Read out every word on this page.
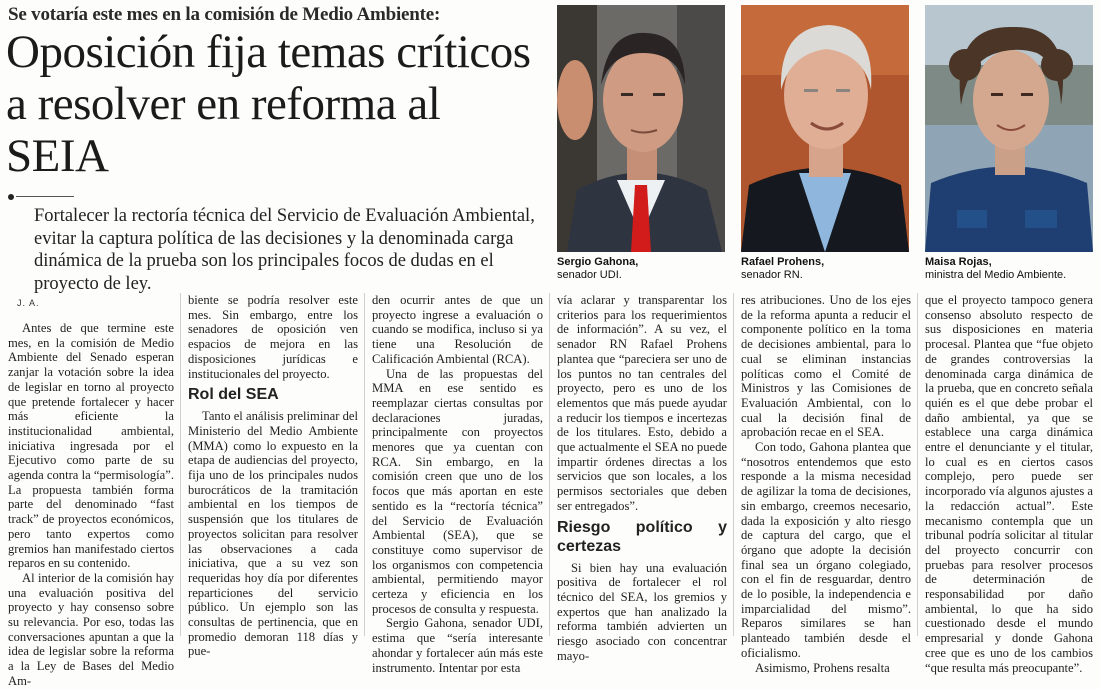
Se votaría este mes en la comisión de Medio Ambiente:
Oposición fija temas críticos a resolver en reforma al SEIA
Fortalecer la rectoría técnica del Servicio de Evaluación Ambiental, evitar la captura política de las decisiones y la denominada carga dinámica de la prueba son los principales focos de dudas en el proyecto de ley.
J. A.
Sergio Gahona,
senador UDI.
Rafael Prohens,
senador RN.
Maisa Rojas,
ministra del Medio Ambiente.

Antes de que termine este mes, en la comisión de Medio Ambiente del Senado esperan zanjar la votación sobre la idea de legislar en torno al proyecto que pretende fortalecer y hacer más eficiente la institucionalidad ambiental, iniciativa ingresada por el Ejecutivo como parte de su agenda contra la “permisología”. La propuesta también forma parte del denominado “fast track” de proyectos económicos, pero tanto expertos como gremios han manifestado ciertos reparos en su contenido.

Al interior de la comisión hay una evaluación positiva del proyecto y hay consenso sobre su relevancia. Por eso, todas las conversaciones apuntan a que la idea de legislar sobre la reforma a la Ley de Bases del Medio Am-

biente se podría resolver este mes. Sin embargo, entre los senadores de oposición ven espacios de mejora en las disposiciones jurídicas e institucionales del proyecto.

Rol del SEA

Tanto el análisis preliminar del Ministerio del Medio Ambiente (MMA) como lo expuesto en la etapa de audiencias del proyecto, fija uno de los principales nudos burocráticos de la tramitación ambiental en los tiempos de suspensión que los titulares de proyectos solicitan para resolver las observaciones a cada iniciativa, que a su vez son requeridas hoy día por diferentes reparticiones del servicio público. Un ejemplo son las consultas de pertinencia, que en promedio demoran 118 días y pue-

den ocurrir antes de que un proyecto ingrese a evaluación o cuando se modifica, incluso si ya tiene una Resolución de Calificación Ambiental (RCA).

Una de las propuestas del MMA en ese sentido es reemplazar ciertas consultas por declaraciones juradas, principalmente con proyectos menores que ya cuentan con RCA. Sin embargo, en la comisión creen que uno de los focos que más aportan en este sentido es la “rectoría técnica” del Servicio de Evaluación Ambiental (SEA), que se constituye como supervisor de los organismos con competencia ambiental, permitiendo mayor certeza y eficiencia en los procesos de consulta y respuesta.

Sergio Gahona, senador UDI, estima que “sería interesante ahondar y fortalecer aún más este instrumento. Intentar por esta

vía aclarar y transparentar los criterios para los requerimientos de información”. A su vez, el senador RN Rafael Prohens plantea que “pareciera ser uno de los puntos no tan centrales del proyecto, pero es uno de los elementos que más puede ayudar a reducir los tiempos e incertezas de los titulares. Esto, debido a que actualmente el SEA no puede impartir órdenes directas a los servicios que son locales, a los permisos sectoriales que deben ser entregados”.

Riesgo político y certezas

Si bien hay una evaluación positiva de fortalecer el rol técnico del SEA, los gremios y expertos que han analizado la reforma también advierten un riesgo asociado con concentrar mayo-

res atribuciones. Uno de los ejes de la reforma apunta a reducir el componente político en la toma de decisiones ambiental, para lo cual se eliminan instancias políticas como el Comité de Ministros y las Comisiones de Evaluación Ambiental, con lo cual la decisión final de aprobación recae en el SEA.

Con todo, Gahona plantea que “nosotros entendemos que esto responde a la misma necesidad de agilizar la toma de decisiones, sin embargo, creemos necesario, dada la exposición y alto riesgo de captura del cargo, que el órgano que adopte la decisión final sea un órgano colegiado, con el fin de resguardar, dentro de lo posible, la independencia e imparcialidad del mismo”. Reparos similares se han planteado también desde el oficialismo.

Asimismo, Prohens resalta

que el proyecto tampoco genera consenso absoluto respecto de sus disposiciones en materia procesal. Plantea que “fue objeto de grandes controversias la denominada carga dinámica de la prueba, que en concreto señala quién es el que debe probar el daño ambiental, ya que se establece una carga dinámica entre el denunciante y el titular, lo cual es en ciertos casos complejo, pero puede ser incorporado vía algunos ajustes a la redacción actual”. Este mecanismo contempla que un tribunal podría solicitar al titular del proyecto concurrir con pruebas para resolver procesos de determinación de responsabilidad por daño ambiental, lo que ha sido cuestionado desde el mundo empresarial y donde Gahona cree que es uno de los cambios “que resulta más preocupante”.
